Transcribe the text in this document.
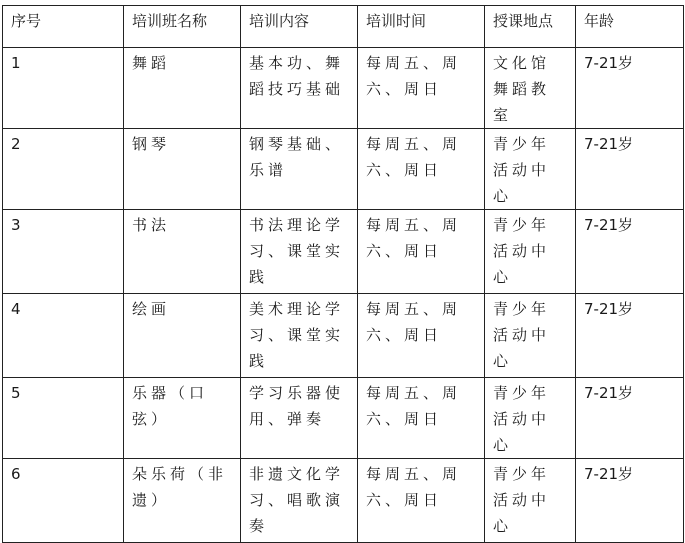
序号	培训班名称	培训内容	培训时间	授课地点	年龄
1	舞蹈	基本功、舞蹈技巧基础	每周五、周六、周日	文化馆舞蹈教室	7-21岁
2	钢琴	钢琴基础、乐谱	每周五、周六、周日	青少年活动中心	7-21岁
3	书法	书法理论学习、课堂实践	每周五、周六、周日	青少年活动中心	7-21岁
4	绘画	美术理论学习、课堂实践	每周五、周六、周日	青少年活动中心	7-21岁
5	乐器（口弦）	学习乐器使用、弹奏	每周五、周六、周日	青少年活动中心	7-21岁
6	朵乐荷（非遗）	非遗文化学习、唱歌演奏	每周五、周六、周日	青少年活动中心	7-21岁
